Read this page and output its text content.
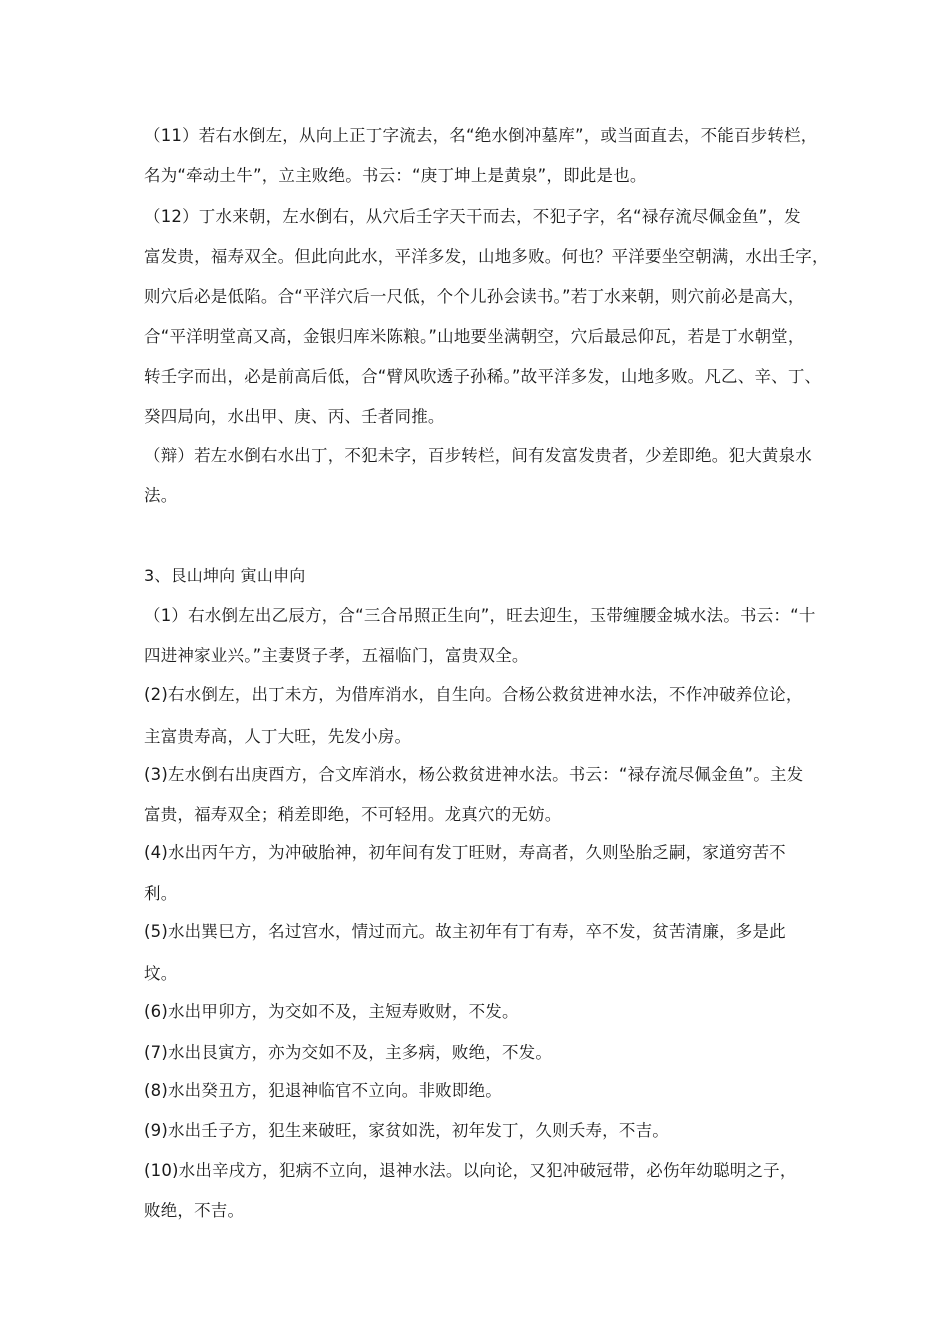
（11）若右水倒左，从向上正丁字流去，名“绝水倒冲墓库”，或当面直去，不能百步转栏，
名为“牵动土牛”，立主败绝。书云：“庚丁坤上是黄泉”，即此是也。
（12）丁水来朝，左水倒右，从穴后壬字天干而去，不犯子字，名“禄存流尽佩金鱼”，发
富发贵，福寿双全。但此向此水，平洋多发，山地多败。何也？平洋要坐空朝满，水出壬字，
则穴后必是低陷。合“平洋穴后一尺低，个个儿孙会读书。”若丁水来朝，则穴前必是高大，
合“平洋明堂高又高，金银归库米陈粮。”山地要坐满朝空，穴后最忌仰瓦，若是丁水朝堂，
转壬字而出，必是前高后低，合“臂风吹透子孙稀。”故平洋多发，山地多败。凡乙、辛、丁、
癸四局向，水出甲、庚、丙、壬者同推。
（辩）若左水倒右水出丁，不犯未字，百步转栏，间有发富发贵者，少差即绝。犯大黄泉水
法。
3、艮山坤向 寅山申向
（1）右水倒左出乙辰方，合“三合吊照正生向”，旺去迎生，玉带缠腰金城水法。书云：“十
四进神家业兴。”主妻贤子孝，五福临门，富贵双全。
(2)右水倒左，出丁未方，为借库消水，自生向。合杨公救贫进神水法，不作冲破养位论，
主富贵寿高，人丁大旺，先发小房。
(3)左水倒右出庚酉方，合文库消水，杨公救贫进神水法。书云：“禄存流尽佩金鱼”。主发
富贵，福寿双全；稍差即绝，不可轻用。龙真穴的无妨。
(4)水出丙午方，为冲破胎神，初年间有发丁旺财，寿高者，久则坠胎乏嗣，家道穷苦不
利。
(5)水出巽巳方，名过宫水，情过而亢。故主初年有丁有寿，卒不发，贫苦清廉，多是此
坟。
(6)水出甲卯方，为交如不及，主短寿败财，不发。
(7)水出艮寅方，亦为交如不及，主多病，败绝，不发。
(8)水出癸丑方，犯退神临官不立向。非败即绝。
(9)水出壬子方，犯生来破旺，家贫如洗，初年发丁，久则夭寿，不吉。
(10)水出辛戌方，犯病不立向，退神水法。以向论，又犯冲破冠带，必伤年幼聪明之子，
败绝，不吉。
